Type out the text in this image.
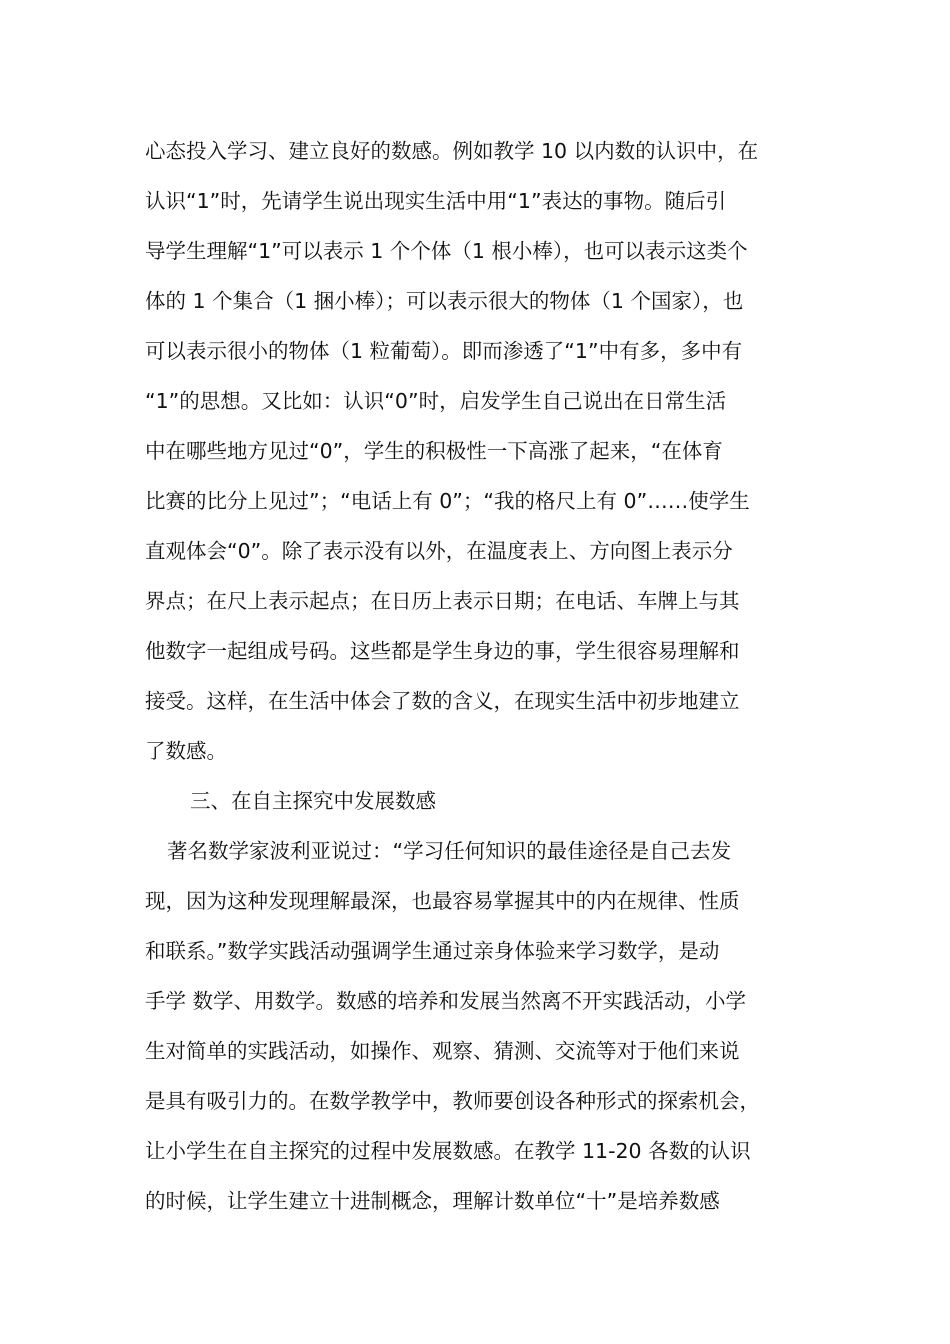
心态投入学习、建立良好的数感。例如教学 10 以内数的认识中，在
认识“1”时，先请学生说出现实生活中用“1”表达的事物。随后引
导学生理解“1”可以表示 1 个个体（1 根小棒），也可以表示这类个
体的 1 个集合（1 捆小棒）；可以表示很大的物体（1 个国家），也
可以表示很小的物体（1 粒葡萄）。即而渗透了“1”中有多，多中有
“1”的思想。又比如：认识“0”时，启发学生自己说出在日常生活
中在哪些地方见过“0”，学生的积极性一下高涨了起来，“在体育
比赛的比分上见过”；“电话上有 0”；“我的格尺上有 0”……使学生
直观体会“0”。除了表示没有以外，在温度表上、方向图上表示分
界点；在尺上表示起点；在日历上表示日期；在电话、车牌上与其
他数字一起组成号码。这些都是学生身边的事，学生很容易理解和
接受。这样，在生活中体会了数的含义，在现实生活中初步地建立
了数感。
三、在自主探究中发展数感
著名数学家波利亚说过：“学习任何知识的最佳途径是自己去发
现，因为这种发现理解最深，也最容易掌握其中的内在规律、性质
和联系。”数学实践活动强调学生通过亲身体验来学习数学，是动
手学 数学、用数学。数感的培养和发展当然离不开实践活动，小学
生对简单的实践活动，如操作、观察、猜测、交流等对于他们来说
是具有吸引力的。在数学教学中，教师要创设各种形式的探索机会，
让小学生在自主探究的过程中发展数感。在教学 11-20 各数的认识
的时候，让学生建立十进制概念，理解计数单位“十”是培养数感
